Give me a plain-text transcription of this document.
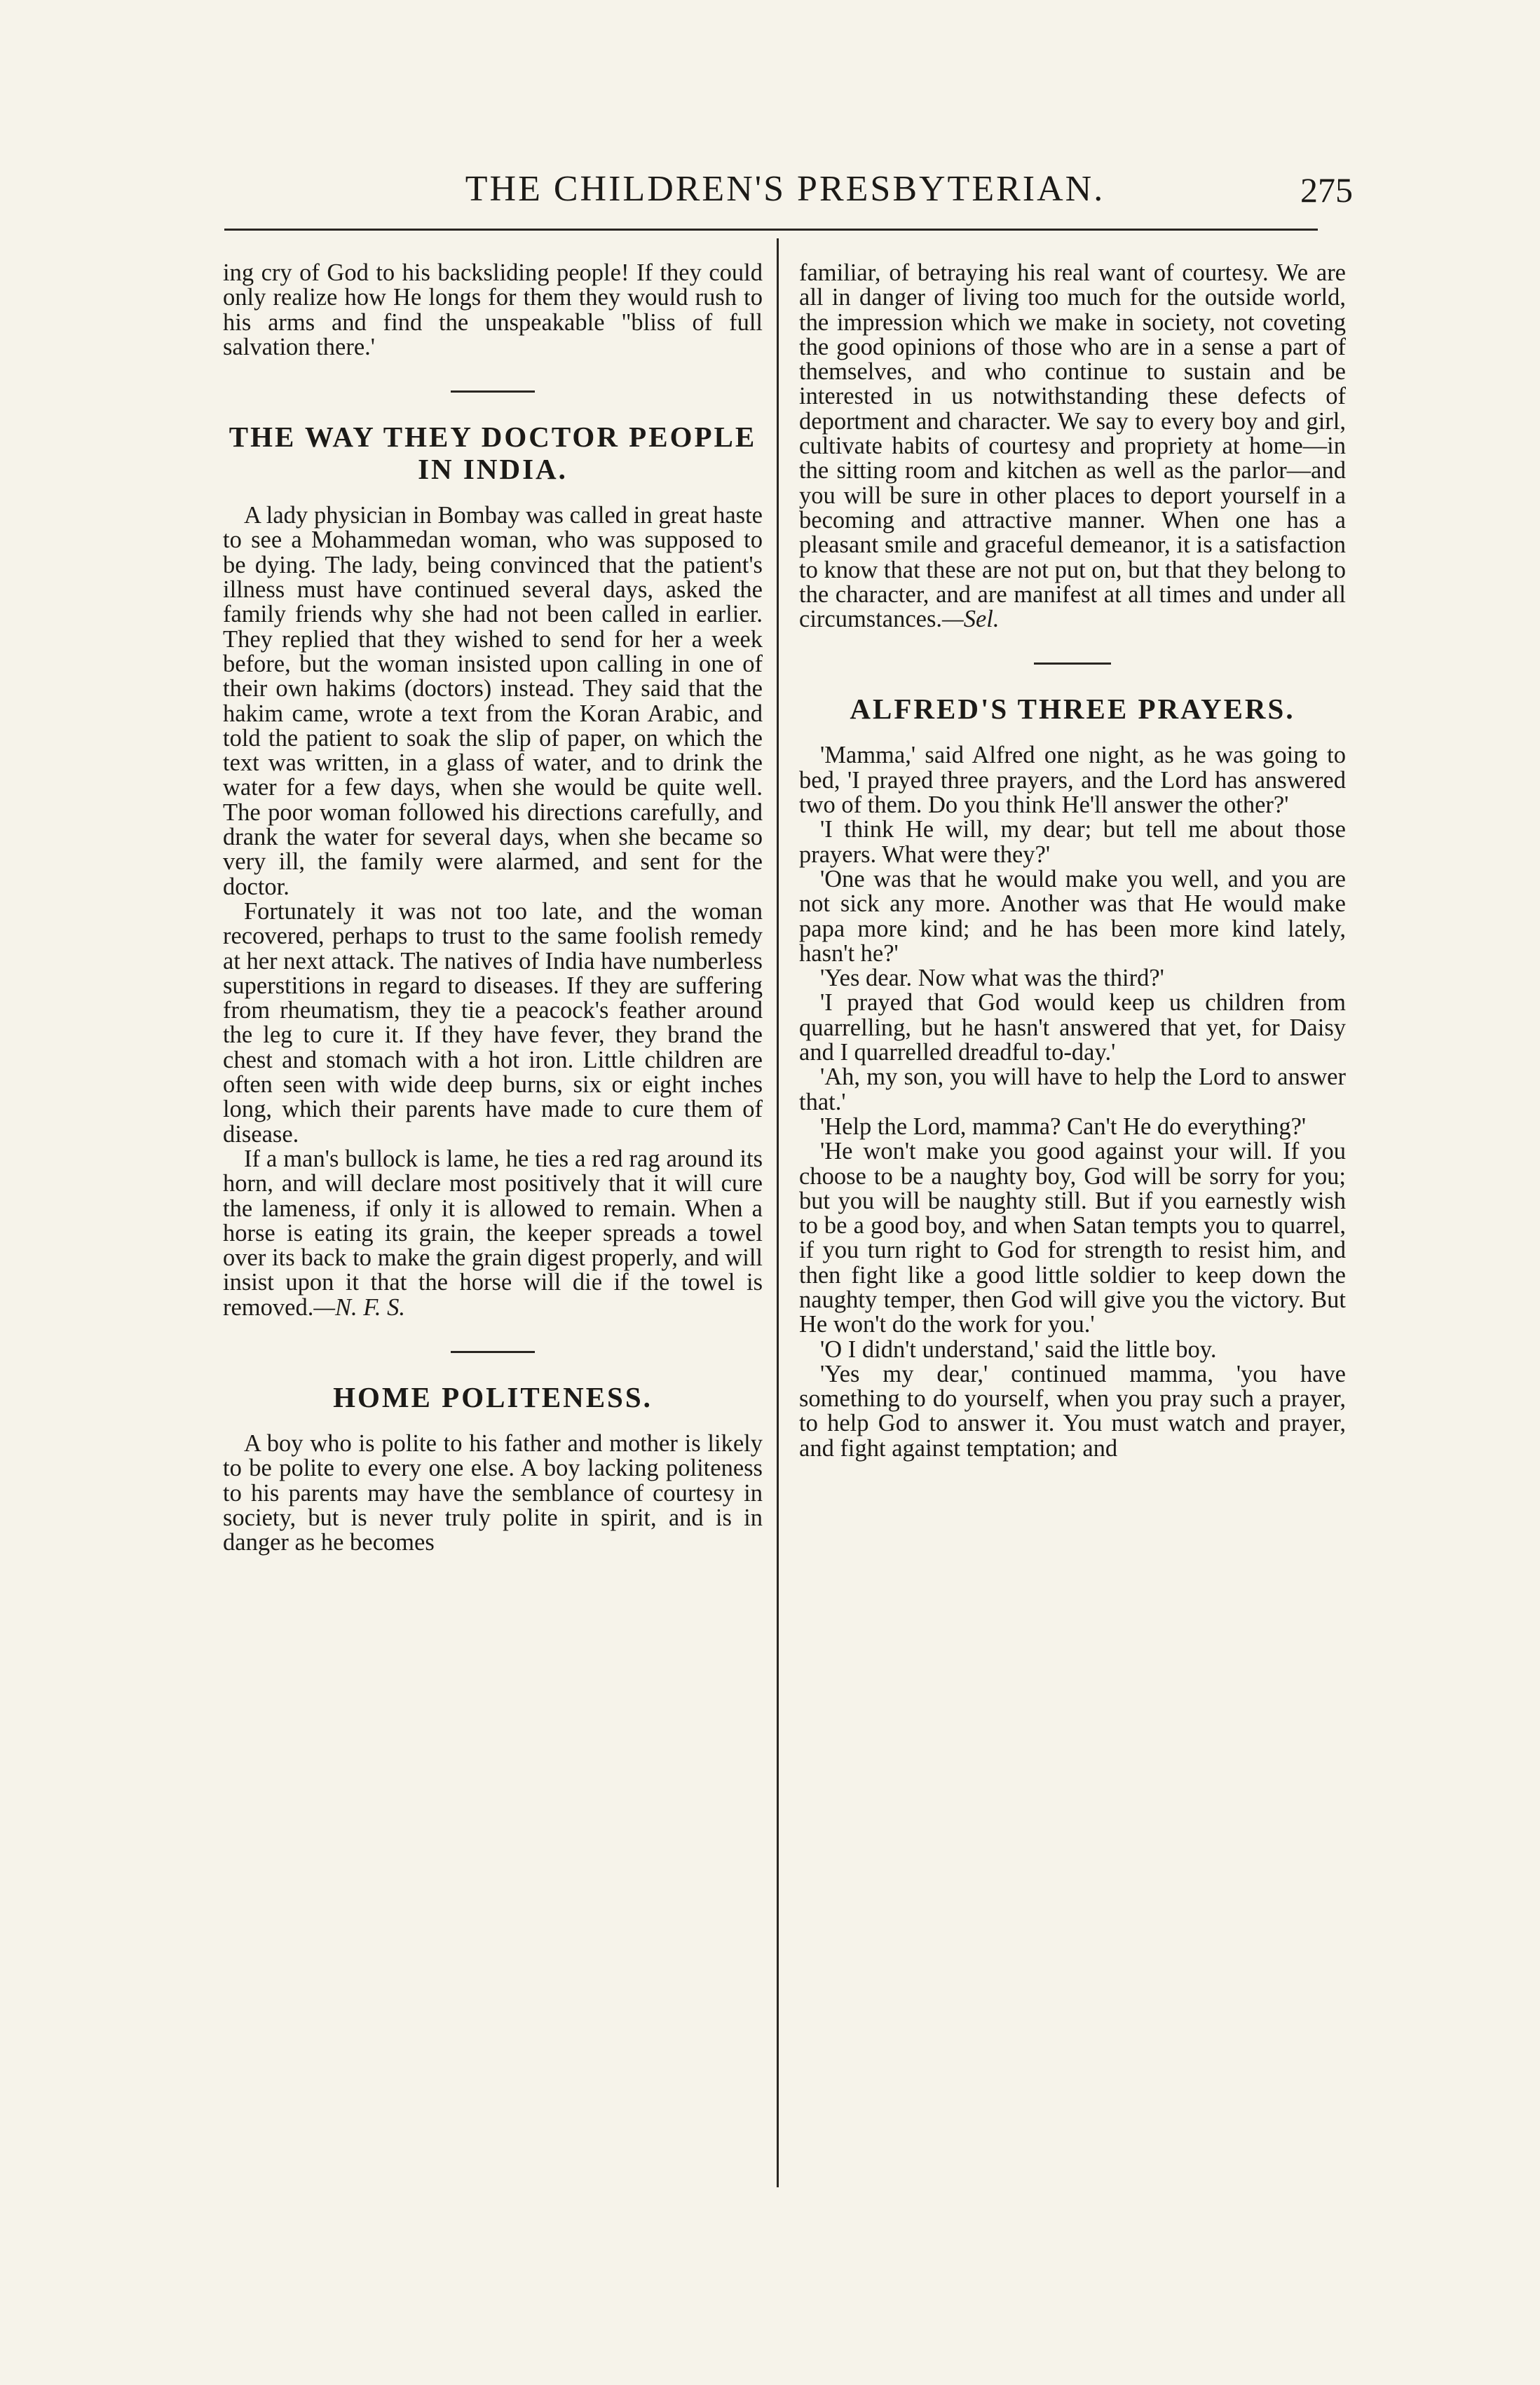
THE CHILDREN'S PRESBYTERIAN.	275

ing cry of God to his backsliding people! If they could only realize how He longs for them they would rush to his arms and find the unspeakable "bliss of full salvation there.'

THE WAY THEY DOCTOR PEOPLE IN INDIA.

A lady physician in Bombay was called in great haste to see a Mohammedan woman, who was supposed to be dying. The lady, being convinced that the patient's illness must have continued several days, asked the family friends why she had not been called in earlier. They replied that they wished to send for her a week before, but the woman insisted upon calling in one of their own hakims (doctors) instead. They said that the hakim came, wrote a text from the Koran Arabic, and told the patient to soak the slip of paper, on which the text was written, in a glass of water, and to drink the water for a few days, when she would be quite well. The poor woman followed his directions carefully, and drank the water for several days, when she became so very ill, the family were alarmed, and sent for the doctor.

Fortunately it was not too late, and the woman recovered, perhaps to trust to the same foolish remedy at her next attack. The natives of India have numberless superstitions in regard to diseases. If they are suffering from rheumatism, they tie a peacock's feather around the leg to cure it. If they have fever, they brand the chest and stomach with a hot iron. Little children are often seen with wide deep burns, six or eight inches long, which their parents have made to cure them of disease.

If a man's bullock is lame, he ties a red rag around its horn, and will declare most positively that it will cure the lameness, if only it is allowed to remain. When a horse is eating its grain, the keeper spreads a towel over its back to make the grain digest properly, and will insist upon it that the horse will die if the towel is removed.—N. F. S.

HOME POLITENESS.

A boy who is polite to his father and mother is likely to be polite to every one else. A boy lacking politeness to his parents may have the semblance of courtesy in society, but is never truly polite in spirit, and is in danger as he becomes

familiar, of betraying his real want of courtesy. We are all in danger of living too much for the outside world, the impression which we make in society, not coveting the good opinions of those who are in a sense a part of themselves, and who continue to sustain and be interested in us notwithstanding these defects of deportment and character. We say to every boy and girl, cultivate habits of courtesy and propriety at home—in the sitting room and kitchen as well as the parlor—and you will be sure in other places to deport yourself in a becoming and attractive manner. When one has a pleasant smile and graceful demeanor, it is a satisfaction to know that these are not put on, but that they belong to the character, and are manifest at all times and under all circumstances.—Sel.

ALFRED'S THREE PRAYERS.

'Mamma,' said Alfred one night, as he was going to bed, 'I prayed three prayers, and the Lord has answered two of them. Do you think He'll answer the other?'

'I think He will, my dear; but tell me about those prayers. What were they?'

'One was that he would make you well, and you are not sick any more. Another was that He would make papa more kind; and he has been more kind lately, hasn't he?'

'Yes dear. Now what was the third?'

'I prayed that God would keep us children from quarrelling, but he hasn't answered that yet, for Daisy and I quarrelled dreadful to-day.'

'Ah, my son, you will have to help the Lord to answer that.'

'Help the Lord, mamma? Can't He do everything?'

'He won't make you good against your will. If you choose to be a naughty boy, God will be sorry for you; but you will be naughty still. But if you earnestly wish to be a good boy, and when Satan tempts you to quarrel, if you turn right to God for strength to resist him, and then fight like a good little soldier to keep down the naughty temper, then God will give you the victory. But He won't do the work for you.'

'O I didn't understand,' said the little boy.

'Yes my dear,' continued mamma, 'you have something to do yourself, when you pray such a prayer, to help God to answer it. You must watch and prayer, and fight against temptation; and
